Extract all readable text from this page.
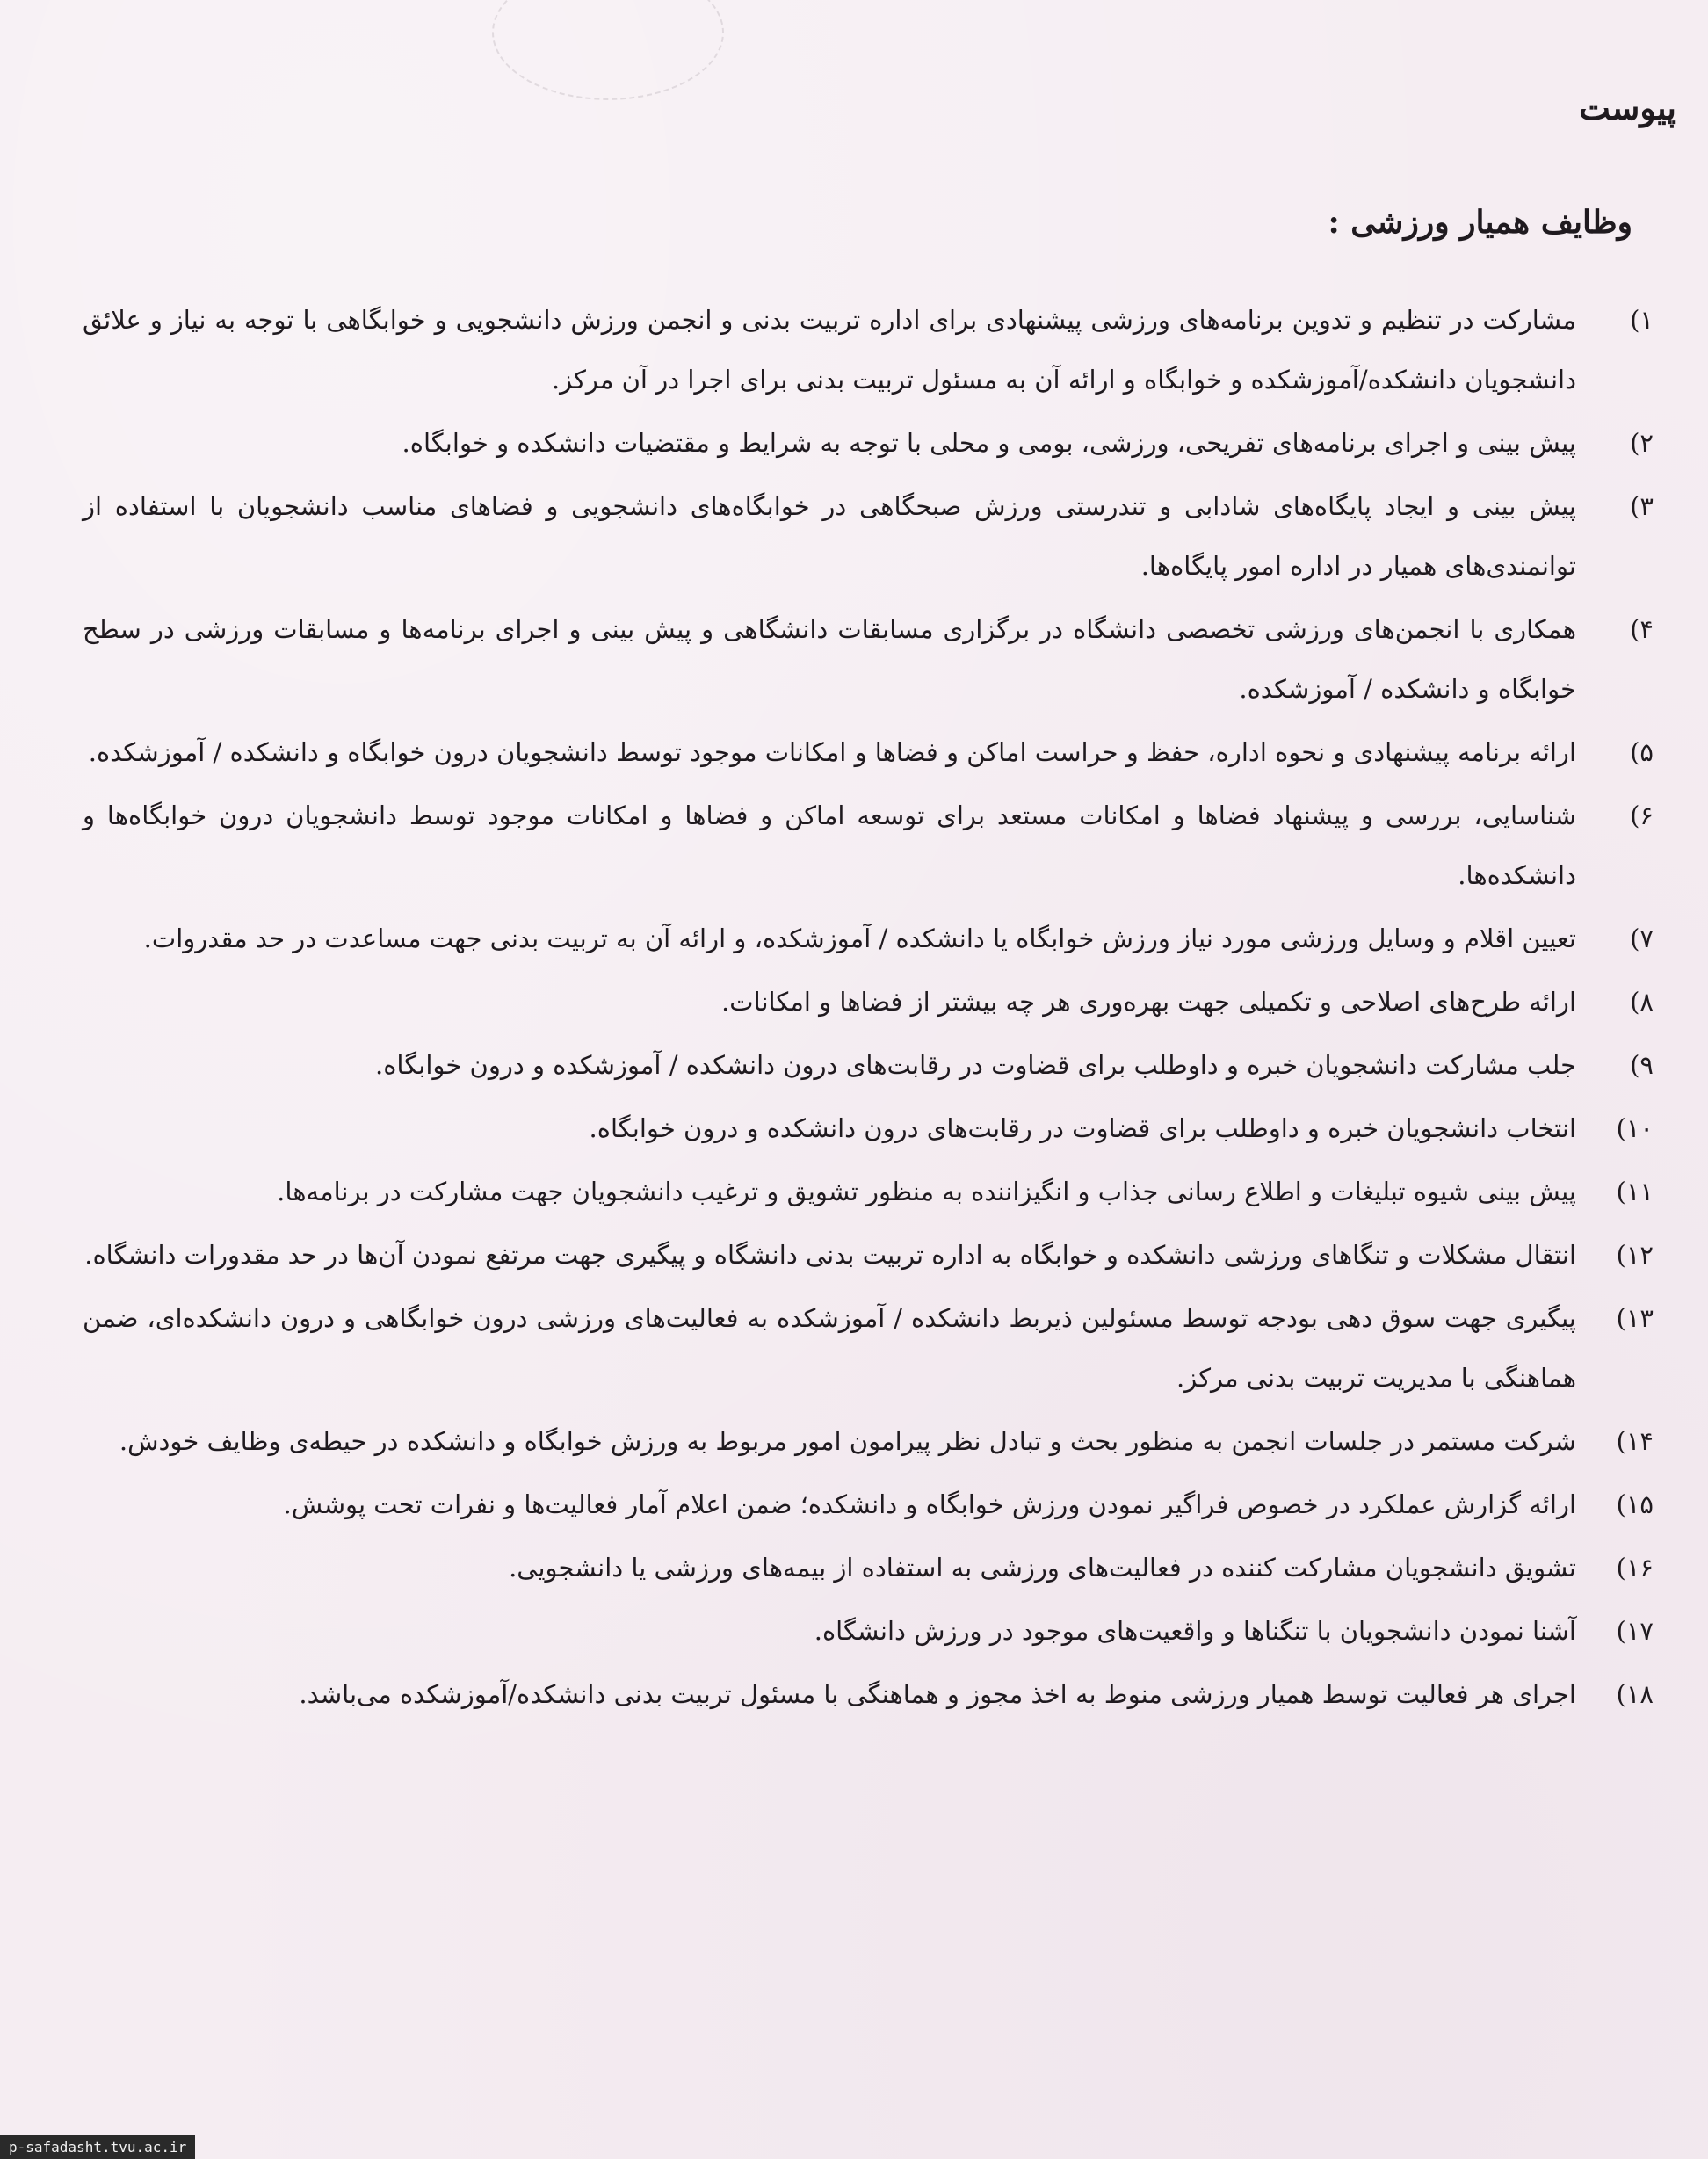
پیوست
وظایف همیار ورزشی :
۱)
مشارکت در تنظیم و تدوین برنامه‌های ورزشی پیشنهادی برای اداره تربیت بدنی و انجمن ورزش دانشجویی و خوابگاهی با توجه به نیاز و علائق دانشجویان دانشکده/آموزشکده و خوابگاه و ارائه آن به مسئول تربیت بدنی برای اجرا در آن مرکز.
۲)
پیش بینی و اجرای برنامه‌های تفریحی، ورزشی، بومی و محلی با توجه به شرایط و مقتضیات دانشکده و خوابگاه.
۳)
پیش بینی و ایجاد پایگاه‌های شادابی و تندرستی ورزش صبحگاهی در خوابگاه‌های دانشجویی و فضاهای مناسب دانشجویان با استفاده از توانمندی‌های همیار در اداره امور پایگاه‌ها.
۴)
همکاری با انجمن‌های ورزشی تخصصی دانشگاه در برگزاری مسابقات دانشگاهی و پیش بینی و اجرای برنامه‌ها و مسابقات ورزشی در سطح خوابگاه و دانشکده / آموزشکده.
۵)
ارائه برنامه پیشنهادی و نحوه اداره، حفظ و حراست اماکن و فضاها و امکانات موجود توسط دانشجویان درون خوابگاه و دانشکده / آموزشکده.
۶)
شناسایی، بررسی و پیشنهاد فضاها و امکانات مستعد برای توسعه اماکن و فضاها و امکانات موجود توسط دانشجویان درون خوابگاه‌ها و دانشکده‌ها.
۷)
تعیین اقلام و وسایل ورزشی مورد نیاز ورزش خوابگاه یا دانشکده / آموزشکده، و ارائه آن به تربیت بدنی جهت مساعدت در حد مقدروات.
۸)
ارائه طرح‌های اصلاحی و تکمیلی جهت بهره‌وری هر چه بیشتر از فضاها و امکانات.
۹)
جلب مشارکت دانشجویان خبره و داوطلب برای قضاوت در رقابت‌های درون دانشکده / آموزشکده و درون خوابگاه.
۱۰)
انتخاب دانشجویان خبره و داوطلب برای قضاوت در رقابت‌های درون دانشکده و درون خوابگاه.
۱۱)
پیش بینی شیوه تبلیغات و اطلاع رسانی جذاب و انگیزاننده به منظور تشویق و ترغیب دانشجویان جهت مشارکت در برنامه‌ها.
۱۲)
انتقال مشکلات و تنگاهای ورزشی دانشکده و خوابگاه به اداره تربیت بدنی دانشگاه و پیگیری جهت مرتفع نمودن آن‌ها در حد مقدورات دانشگاه.
۱۳)
پیگیری جهت سوق دهی بودجه توسط مسئولین ذیربط دانشکده / آموزشکده به فعالیت‌های ورزشی درون خوابگاهی و درون دانشکده‌ای، ضمن هماهنگی با مدیریت تربیت بدنی مرکز.
۱۴)
شرکت مستمر در جلسات انجمن به منظور بحث و تبادل نظر پیرامون امور مربوط به ورزش خوابگاه و دانشکده در حیطه‌ی وظایف خودش.
۱۵)
ارائه گزارش عملکرد در خصوص فراگیر نمودن ورزش خوابگاه و دانشکده؛ ضمن اعلام آمار فعالیت‌ها و نفرات تحت پوشش.
۱۶)
تشویق دانشجویان مشارکت کننده در فعالیت‌های ورزشی به استفاده از بیمه‌های ورزشی یا دانشجویی.
۱۷)
آشنا نمودن دانشجویان با تنگناها و واقعیت‌های موجود در ورزش دانشگاه.
۱۸)
اجرای هر فعالیت توسط همیار ورزشی منوط به اخذ مجوز و هماهنگی با مسئول تربیت بدنی دانشکده/آموزشکده می‌باشد.
p-safadasht.tvu.ac.ir
